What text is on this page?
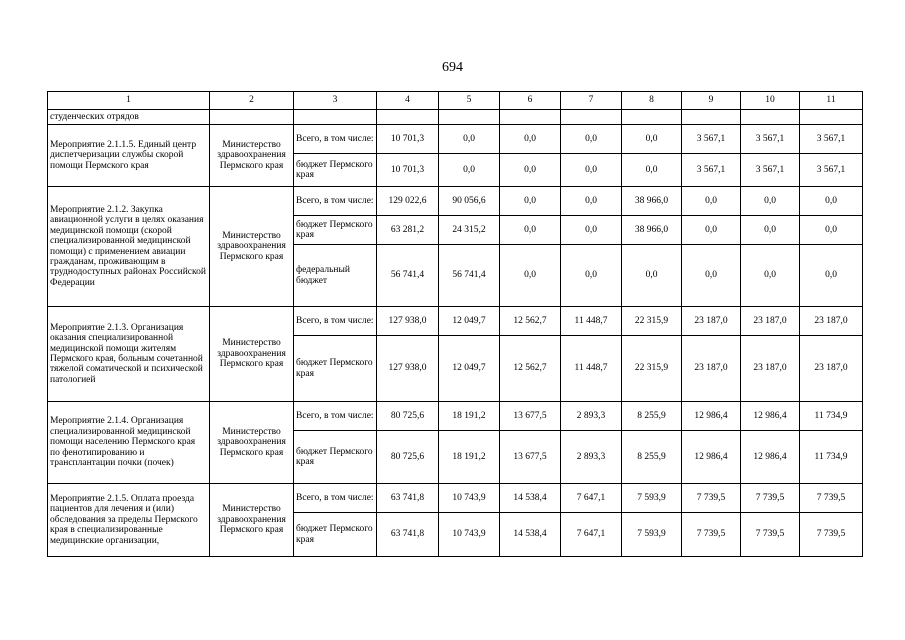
694
1	2	3	4	5	6	7	8	9	10	11
студенческих отрядов										
Мероприятие 2.1.1.5. Единый центр диспетчеризации службы скорой помощи Пермского края	Министерство здравоохранения Пермского края	Всего, в том числе:	10 701,3	0,0	0,0	0,0	0,0	3 567,1	3 567,1	3 567,1
		бюджет Пермского края	10 701,3	0,0	0,0	0,0	0,0	3 567,1	3 567,1	3 567,1
Мероприятие 2.1.2. Закупка авиационной услуги в целях оказания медицинской помощи (скорой специализированной медицинской помощи) с применением авиации гражданам, проживающим в труднодоступных районах Российской Федерации	Министерство здравоохранения Пермского края	Всего, в том числе:	129 022,6	90 056,6	0,0	0,0	38 966,0	0,0	0,0	0,0
		бюджет Пермского края	63 281,2	24 315,2	0,0	0,0	38 966,0	0,0	0,0	0,0
		федеральный бюджет	56 741,4	56 741,4	0,0	0,0	0,0	0,0	0,0	0,0
Мероприятие 2.1.3. Организация оказания специализированной медицинской помощи жителям Пермского края, больным сочетанной тяжелой соматической и психической патологией	Министерство здравоохранения Пермского края	Всего, в том числе:	127 938,0	12 049,7	12 562,7	11 448,7	22 315,9	23 187,0	23 187,0	23 187,0
		бюджет Пермского края	127 938,0	12 049,7	12 562,7	11 448,7	22 315,9	23 187,0	23 187,0	23 187,0
Мероприятие 2.1.4. Организация специализированной медицинской помощи населению Пермского края по фенотипированию и трансплантации почки (почек)	Министерство здравоохранения Пермского края	Всего, в том числе:	80 725,6	18 191,2	13 677,5	2 893,3	8 255,9	12 986,4	12 986,4	11 734,9
		бюджет Пермского края	80 725,6	18 191,2	13 677,5	2 893,3	8 255,9	12 986,4	12 986,4	11 734,9
Мероприятие 2.1.5. Оплата проезда пациентов для лечения и (или) обследования за пределы Пермского края в специализированные медицинские организации,	Министерство здравоохранения Пермского края	Всего, в том числе:	63 741,8	10 743,9	14 538,4	7 647,1	7 593,9	7 739,5	7 739,5	7 739,5
		бюджет Пермского края	63 741,8	10 743,9	14 538,4	7 647,1	7 593,9	7 739,5	7 739,5	7 739,5
